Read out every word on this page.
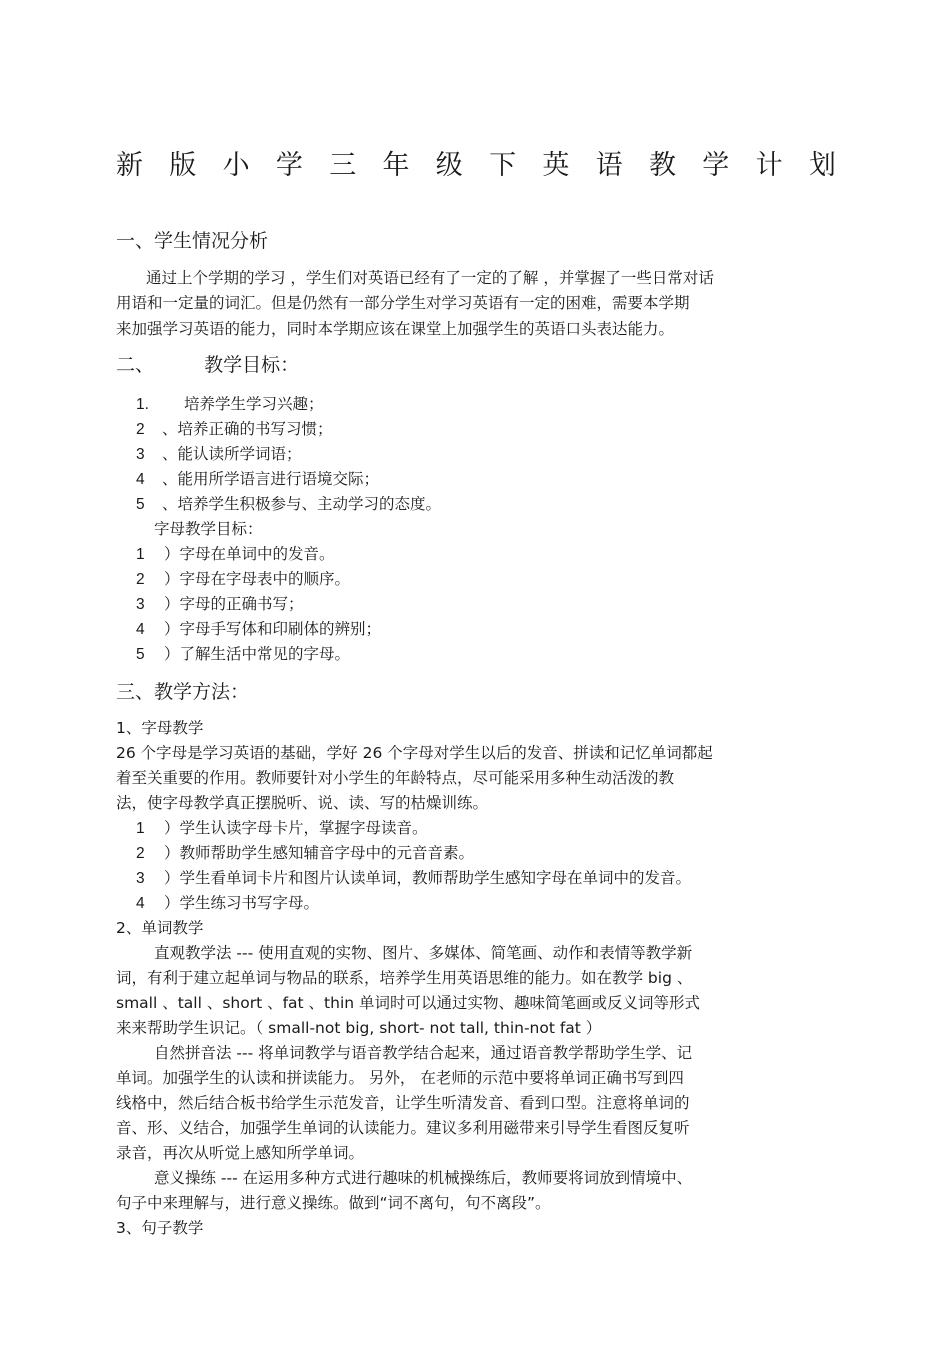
新 版 小 学 三 年 级 下 英 语 教 学 计 划
一、学生情况分析
通过上个学期的学习 ，学生们对英语已经有了一定的了解 ，并掌握了一些日常对话
用语和一定量的词汇。但是仍然有一部分学生对学习英语有一定的困难，需要本学期
来加强学习英语的能力，同时本学期应该在课堂上加强学生的英语口头表达能力。
二、	教学目标：
1. 培养学生学习兴趣；
2 、培养正确的书写习惯；
3 、能认读所学词语；
4 、能用所学语言进行语境交际；
5 、培养学生积极参与、主动学习的态度。
字母教学目标：
1 ）字母在单词中的发音。
2 ）字母在字母表中的顺序。
3 ）字母的正确书写；
4 ）字母手写体和印刷体的辨别；
5 ）了解生活中常见的字母。
三、教学方法：
1、字母教学
26 个字母是学习英语的基础，学好 26 个字母对学生以后的发音、拼读和记忆单词都起
着至关重要的作用。教师要针对小学生的年龄特点，尽可能采用多种生动活泼的教
法，使字母教学真正摆脱听、说、读、写的枯燥训练。
1 ）学生认读字母卡片，掌握字母读音。
2 ）教师帮助学生感知辅音字母中的元音音素。
3 ）学生看单词卡片和图片认读单词，教师帮助学生感知字母在单词中的发音。
4 ）学生练习书写字母。
2、单词教学
直观教学法 --- 使用直观的实物、图片、多媒体、简笔画、动作和表情等教学新
词，有利于建立起单词与物品的联系，培养学生用英语思维的能力。如在教学 big 、
small 、tall 、short 、fat 、thin 单词时可以通过实物、趣味简笔画或反义词等形式
来来帮助学生识记。（ small-not big, short- not tall, thin-not fat ）
自然拼音法 --- 将单词教学与语音教学结合起来，通过语音教学帮助学生学、记
单词。加强学生的认读和拼读能力。 另外， 在老师的示范中要将单词正确书写到四
线格中，然后结合板书给学生示范发音，让学生听清发音、看到口型。注意将单词的
音、形、义结合，加强学生单词的认读能力。建议多利用磁带来引导学生看图反复听
录音，再次从听觉上感知所学单词。
意义操练 --- 在运用多种方式进行趣味的机械操练后，教师要将词放到情境中、
句子中来理解与，进行意义操练。做到“词不离句，句不离段”。
3、句子教学
